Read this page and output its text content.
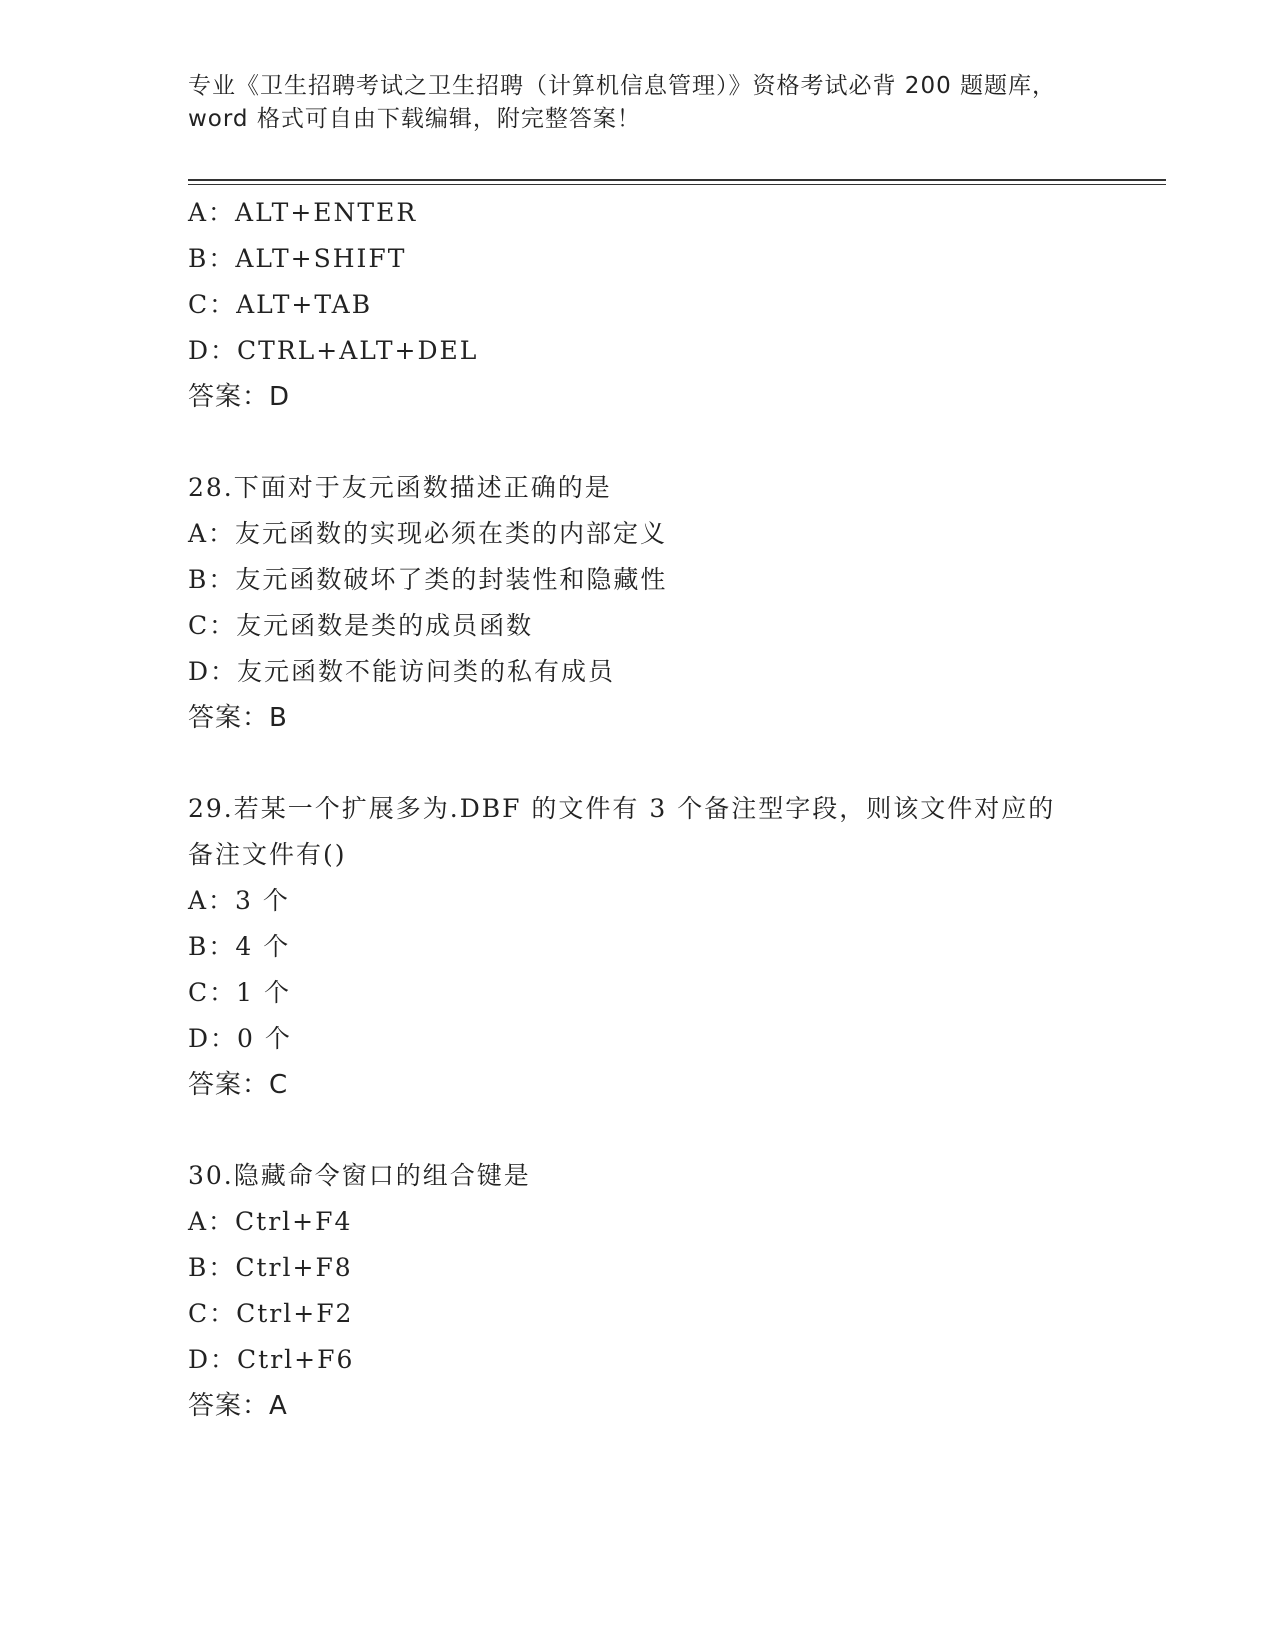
专业《卫生招聘考试之卫生招聘（计算机信息管理）》资格考试必背 200 题题库，

word 格式可自由下载编辑，附完整答案！

A：ALT+ENTER
B：ALT+SHIFT
C：ALT+TAB
D：CTRL+ALT+DEL
答案：D
28.下面对于友元函数描述正确的是
A：友元函数的实现必须在类的内部定义
B：友元函数破坏了类的封装性和隐藏性
C：友元函数是类的成员函数
D：友元函数不能访问类的私有成员
答案：B
29.若某一个扩展多为.DBF 的文件有 3 个备注型字段，则该文件对应的备注文件有()
A：3 个
B：4 个
C：1 个
D：0 个
答案：C
30.隐藏命令窗口的组合键是
A：Ctrl+F4
B：Ctrl+F8
C：Ctrl+F2
D：Ctrl+F6
答案：A
